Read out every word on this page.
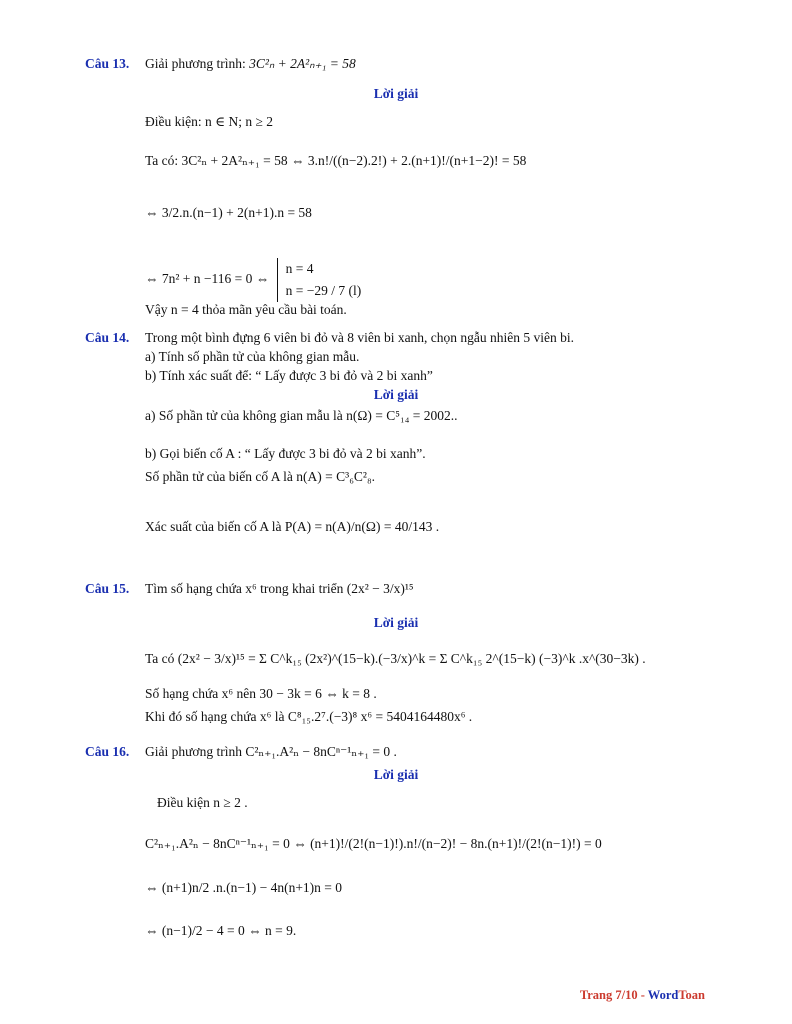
Câu 13. Giải phương trình: 3C²ₙ + 2A²ₙ₊₁ = 58
Lời giải
Điều kiện: n ∈ N; n ≥ 2
Ta có: 3C²ₙ + 2A²ₙ₊₁ = 58 ⇔ 3.n!/((n−2).2!) + 2.(n+1)!/(n+1−2)! = 58
⇔ 3/2.n.(n−1) + 2(n+1).n = 58
⇔ 7n² + n −116 = 0 ⇔
n = 4
n = −29 / 7 (l)
Vậy n = 4 thỏa mãn yêu cầu bài toán.
Câu 14. Trong một bình đựng 6 viên bi đỏ và 8 viên bi xanh, chọn ngẫu nhiên 5 viên bi.
a) Tính số phần tử của không gian mẫu.
b) Tính xác suất để: “ Lấy được 3 bi đỏ và 2 bi xanh”
Lời giải
a) Số phần tử của không gian mẫu là n(Ω) = C⁵₁₄ = 2002..
b) Gọi biến cố A : “ Lấy được 3 bi đỏ và 2 bi xanh”.
Số phần tử của biến cố A là n(A) = C³₆C²₈.
Xác suất của biến cố A là P(A) = n(A)/n(Ω) = 40/143 .
Câu 15. Tìm số hạng chứa x⁶ trong khai triển (2x² − 3/x)¹⁵
Lời giải
Ta có (2x² − 3/x)¹⁵ = Σ C^k₁₅ (2x²)^(15−k).(−3/x)^k = Σ C^k₁₅ 2^(15−k) (−3)^k .x^(30−3k) .
Số hạng chứa x⁶ nên 30 − 3k = 6 ⇔ k = 8 .
Khi đó số hạng chứa x⁶ là C⁸₁₅.2⁷.(−3)⁸ x⁶ = 5404164480x⁶ .
Câu 16. Giải phương trình C²ₙ₊₁.A²ₙ − 8nCⁿ⁻¹ₙ₊₁ = 0 .
Lời giải
Điều kiện n ≥ 2 .
C²ₙ₊₁.A²ₙ − 8nCⁿ⁻¹ₙ₊₁ = 0 ⇔ (n+1)!/(2!(n−1)!).n!/(n−2)! − 8n.(n+1)!/(2!(n−1)!) = 0
⇔ (n+1)n/2 .n.(n−1) − 4n(n+1)n = 0
⇔ (n−1)/2 − 4 = 0 ⇔ n = 9.
Trang 7/10 - WordToan
